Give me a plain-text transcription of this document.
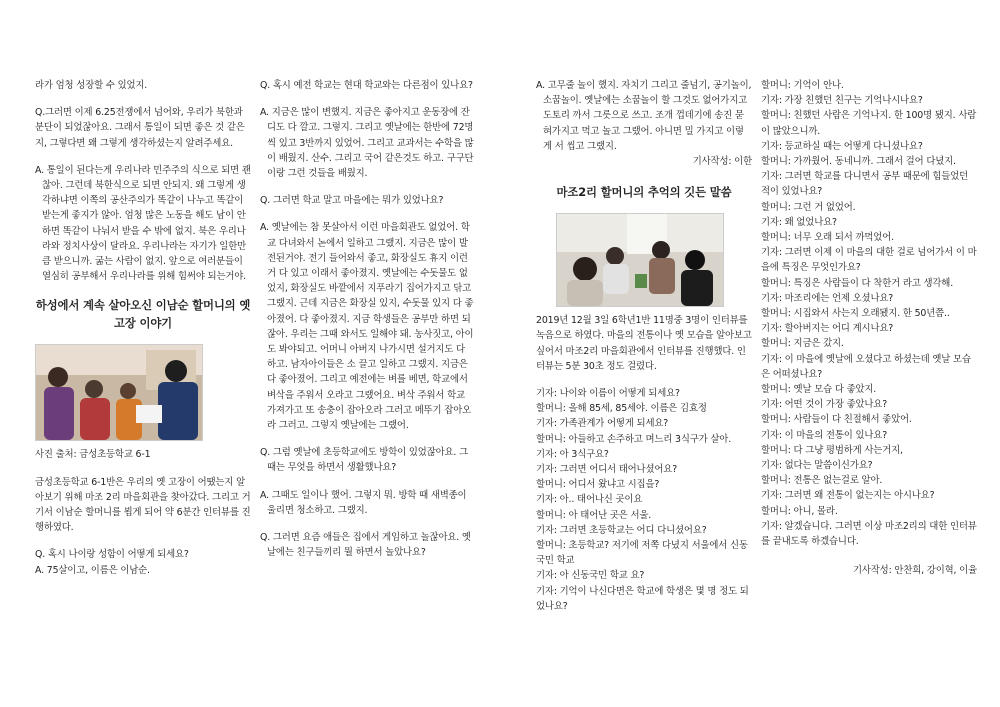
라가 엄청 성장할 수 있었지.

Q.그러면 이제 6.25전쟁에서 넘어와, 우리가 북한과 분단이 되었잖아요. 그래서 통일이 되면 좋은 것 같은지, 그렇다면 왜 그렇게 생각하셨는지 알려주세요.

A. 통일이 된다는게 우리나라 민주주의 식으로 되면 괜찮아. 그런데 북한식으로 되면 안되지. 왜 그렇게 생각하냐면 이쪽의 공산주의가 똑같이 나누고 똑같이 받는게 좋지가 않아. 엄청 많은 노동을 해도 남이 안하면 똑같이 나눠서 받을 수 밖에 없지. 북은 우리나라와 정치사상이 달라요. 우리나라는 자기가 일한만큼 받으니까. 굶는 사람이 없지. 앞으로 여러분들이 열심히 공부해서 우리나라를 위해 힘써야 되는거야.

하성에서 계속 살아오신 이남순 할머니의 옛 고장 이야기

사진 출처: 금성초등학교 6-1

금성초등학교 6-1반은 우리의 옛 고장이 어땠는지 알아보기 위해 마조 2리 마을회관을 찾아갔다. 그리고 거기서 이남순 할머니를 뵙게 되어 약 6분간 인터뷰를 진행하였다.

Q. 혹시 나이랑 성함이 어떻게 되세요?

A. 75살이고, 이름은 이남순.

Q. 혹시 예전 학교는 현대 학교와는 다른점이 있나요?

A. 지금은 많이 변했지. 지금은 좋아지고 운동장에 잔디도 다 깔고. 그렇지. 그리고 옛날에는 한반에 72명씩 있고 3반까지 있었어. 그리고 교과서는 수학을 많이 배웠지. 산수. 그리고 국어 같은것도 하고. 구구단이랑 그런 것들을 배웠지.

Q. 그러면 학교 말고 마을에는 뭐가 있었나요?

A. 옛날에는 참 못살아서 이런 마을회관도 없었어. 학교 다녀와서 논에서 일하고 그랬지. 지금은 많이 발전된거야. 전기 들어와서 좋고, 화장실도 휴지 이런거 다 있고 이래서 좋아졌지. 옛날에는 수돗물도 없었지, 화장실도 바깥에서 지푸라기 집어가지고 닦고 그랬지. 근데 지금은 화장실 있지, 수돗물 있지 다 좋아졌어. 다 좋아졌지. 지금 학생들은 공부만 하면 되잖아. 우리는 그때 와서도 일해야 돼. 농사짓고, 아이도 봐야되고. 어머니 아버지 나가시면 설거지도 다 하고. 남자아이들은 소 끌고 일하고 그랬지. 지금은 다 좋아졌어. 그리고 예전에는 벼를 베면, 학교에서 벼삭을 주워서 오라고 그랬어요. 벼삭 주워서 학교 가져가고 또 송충이 잡아오라 그러고 메뚜기 잡아오라 그러고. 그렇지 옛날에는 그랬어.

Q. 그럼 옛날에 초등학교에도 방학이 있었잖아요. 그때는 무엇을 하면서 생활했나요?

A. 그때도 일이나 했어. 그렇지 뭐. 방학 때 새벽종이 울리면 청소하고. 그랬지.

Q. 그러면 요즘 애들은 집에서 게임하고 놀잖아요. 옛날에는 친구들끼리 뭘 하면서 놀았나요?

A. 고무줄 놀이 했지. 자치기 그리고 줄넘기, 공기놀이, 소꿉놀이. 옛날에는 소꿉놀이 할 그것도 없어가지고 도토리 까서 그릇으로 쓰고. 조개 껍데기에 송진 묻혀가지고 먹고 놀고 그랬어. 아니면 밀 가지고 이렇게 서 씹고 그랬지.

기사작성: 이한

마조2리 할머니의 추억의 깃든 말씀

2019년 12월 3일 6학년1반 11명중 3명이 인터뷰를 녹음으로 하였다. 마을의 전통이나 옛 모습을 알아보고 싶어서 마조2리 마을회관에서 인터뷰를 진행했다. 인터뷰는 5분 30초 정도 걸렸다.

기자: 나이와 이름이 어떻게 되세요?

할머니: 올해 85세, 85세야. 이름은 김효정

기자: 가족관계가 어떻게 되세요?

할머니: 아들하고 손주하고 며느리 3식구가 살아.

기자: 아 3식구요?

기자: 그러면 어디서 태어나셨어요?

할머니: 어디서 왔냐고 시집을?

기자: 아.. 태어나신 곳이요

할머니: 아 태어난 곳은 서울.

기자: 그러면 초등학교는 어디 다니셨어요?

할머니: 초등학교? 저기에 저쪽 다녔지 서울에서 신동국민 학교

기자: 아 신동국민 학교 요?

기자: 기억이 나신다면은 학교에 학생은 몇 명 정도 되었나요?

할머니: 기억이 안나.

기자: 가장 친했던 친구는 기억나시나요?

할머니: 친했던 사람은 기억나지. 한 100명 됐지. 사람이 많았으니까.

기자: 등교하실 때는 어떻게 다니셨나요?

할머니: 가까웠어. 동네니까. 그래서 걸어 다녔지.

기자: 그러면 학교를 다니면서 공부 때문에 힘들었던 적이 있었나요?

할머니: 그런 거 없었어.

기자: 왜 없었나요?

할머니: 너무 오래 되서 까먹었어.

기자: 그러면 이제 이 마을의 대한 걸로 넘어가서 이 마을에 특징은 무엇인가요?

할머니: 특징은 사람들이 다 착한거 라고 생각해.

기자: 마조리에는 언제 오셨나요?

할머니: 시집와서 사는지 오래됐지. 한 50년쯤..

기자: 할아버지는 어디 계시나요?

할머니: 지금은 갔지.

기자: 이 마을에 옛날에 오셨다고 하셨는데 옛날 모습은 어떠셨나요?

할머니: 옛날 모습 다 좋았지.

기자: 어떤 것이 가장 좋았나요?

할머니: 사람들이 다 친절해서 좋았어.

기자: 이 마을의 전통이 있나요?

할머니: 다 그냥 평범하게 사는거지,

기자: 없다는 말씀이신가요?

할머니: 전통은 없는걸로 알아.

기자: 그러면 왜 전통이 없는지는 아시나요?

할머니: 아니, 몰라.

기자: 알겠습니다. 그러면 이상 마조2리의 대한 인터뷰를 끝내도록 하겠습니다.

기사작성: 안찬희, 강이혁, 이율
